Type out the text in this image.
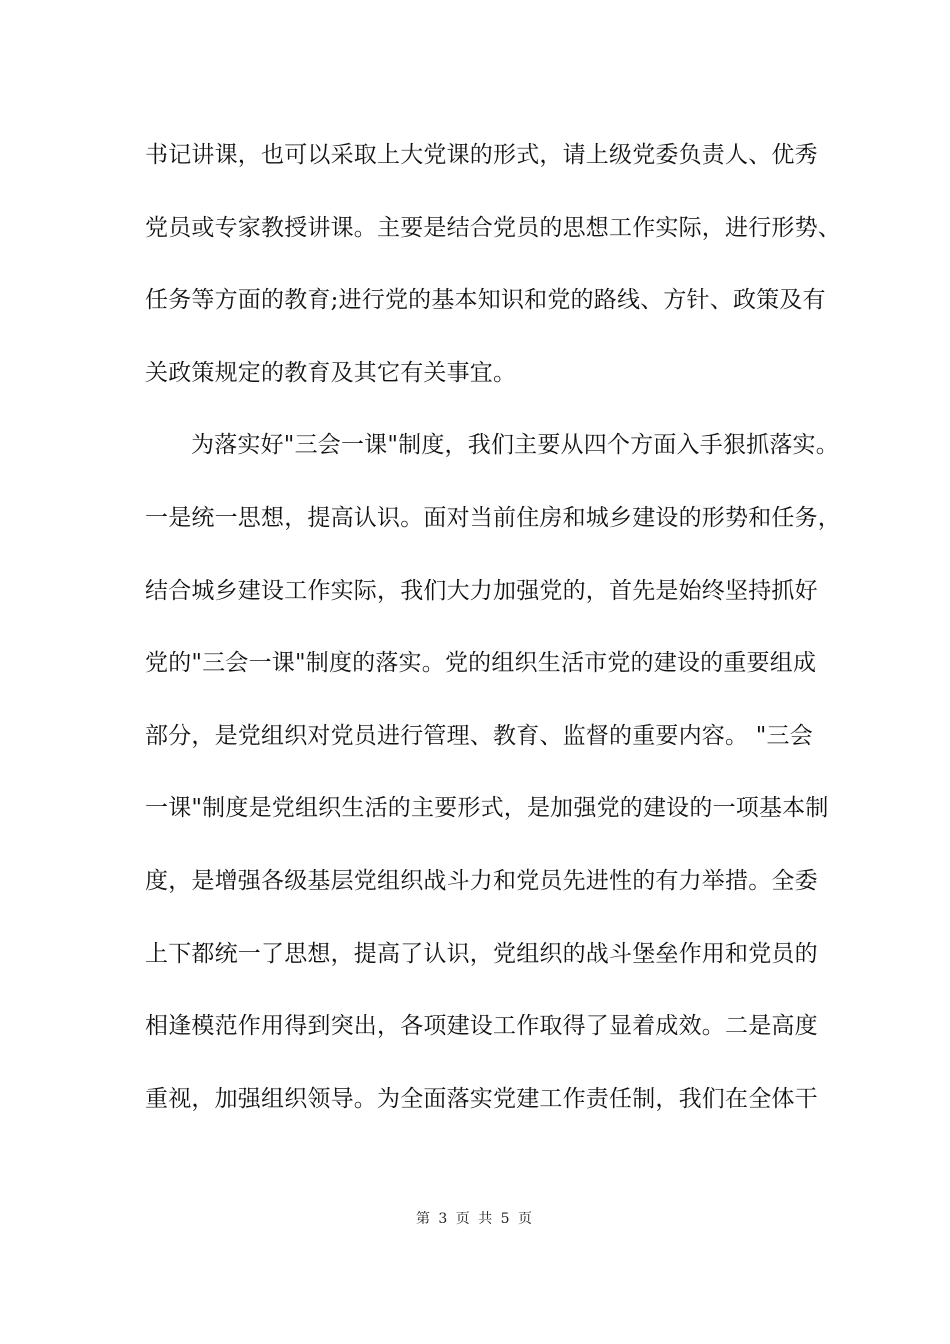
书记讲课，也可以采取上大党课的形式，请上级党委负责人、优秀
党员或专家教授讲课。主要是结合党员的思想工作实际，进行形势、
任务等方面的教育;进行党的基本知识和党的路线、方针、政策及有
关政策规定的教育及其它有关事宜。
为落实好"三会一课"制度，我们主要从四个方面入手狠抓落实。
一是统一思想，提高认识。面对当前住房和城乡建设的形势和任务，
结合城乡建设工作实际，我们大力加强党的，首先是始终坚持抓好
党的"三会一课"制度的落实。党的组织生活市党的建设的重要组成
部分，是党组织对党员进行管理、教育、监督的重要内容。 "三会
一课"制度是党组织生活的主要形式，是加强党的建设的一项基本制
度，是增强各级基层党组织战斗力和党员先进性的有力举措。全委
上下都统一了思想，提高了认识，党组织的战斗堡垒作用和党员的
相逢模范作用得到突出，各项建设工作取得了显着成效。二是高度
重视，加强组织领导。为全面落实党建工作责任制，我们在全体干
第 3 页 共 5 页
